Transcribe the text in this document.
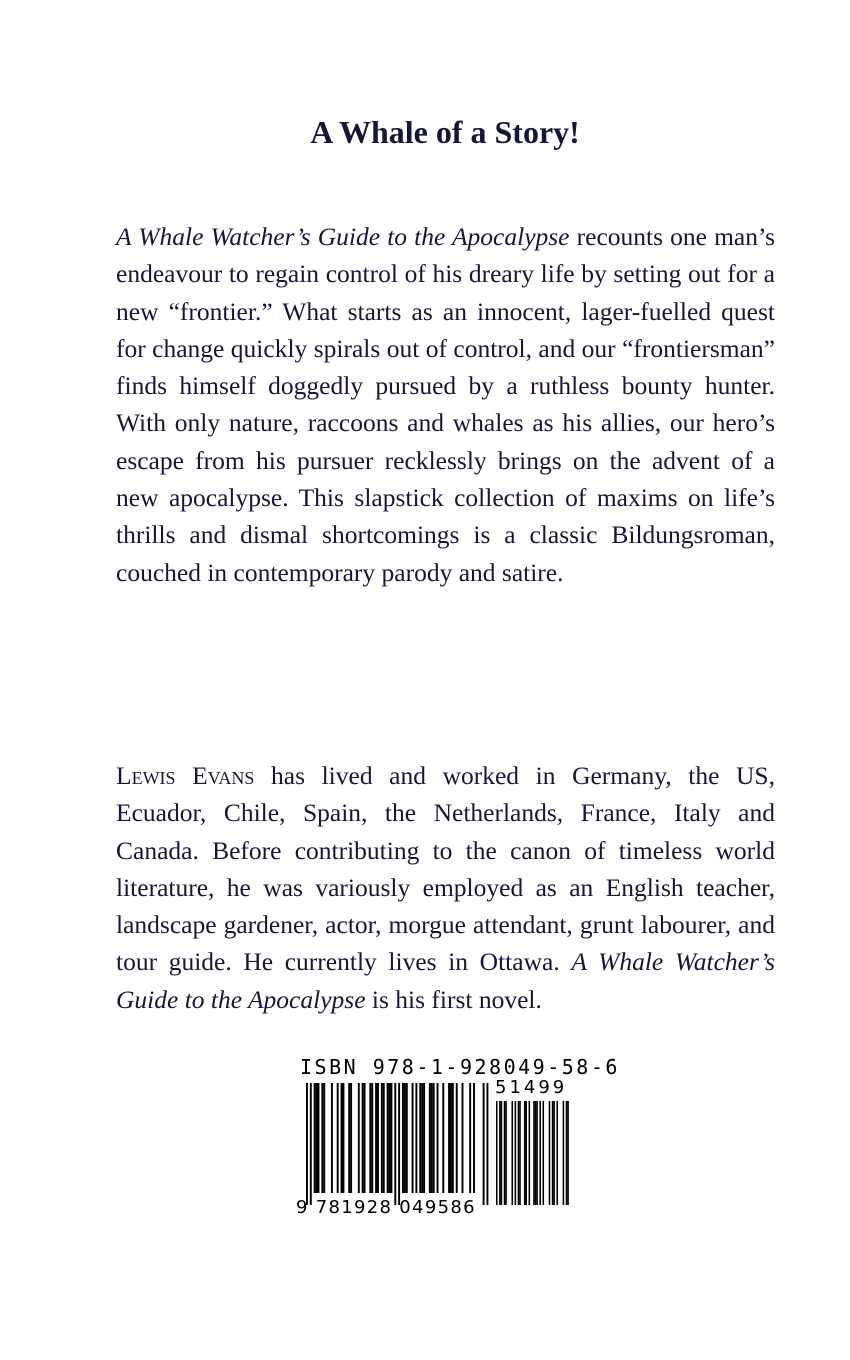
A Whale of a Story!

A Whale Watcher’s Guide to the Apocalypse recounts one man’s endeavour to regain control of his dreary life by setting out for a new “frontier.” What starts as an innocent, lager-fuelled quest for change quickly spirals out of control, and our “frontiersman” finds himself doggedly pursued by a ruthless bounty hunter. With only nature, raccoons and whales as his allies, our hero’s escape from his pursuer recklessly brings on the advent of a new apocalypse. This slapstick collection of maxims on life’s thrills and dismal shortcomings is a classic Bildungsroman, couched in contemporary parody and satire.

Lewis Evans has lived and worked in Germany, the US, Ecuador, Chile, Spain, the Netherlands, France, Italy and Canada. Before contributing to the canon of timeless world literature, he was variously employed as an English teacher, landscape gardener, actor, morgue attendant, grunt labourer, and tour guide. He currently lives in Ottawa. A Whale Watcher’s Guide to the Apocalypse is his first novel.

ISBN 978-1-928049-58-6
51499
9 781928 049586
